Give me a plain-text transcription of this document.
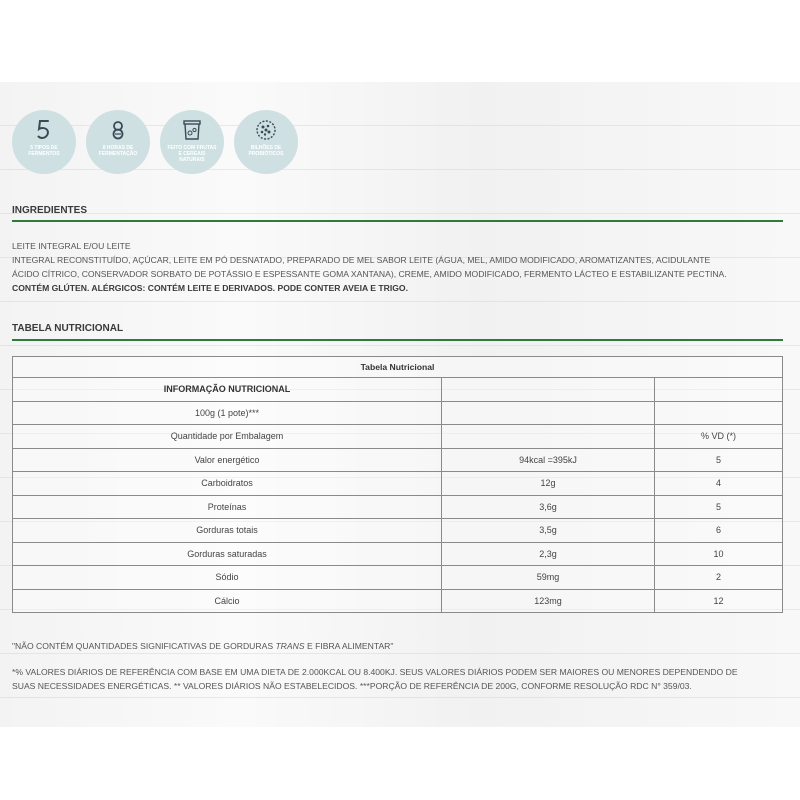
5 TIPOS DE FERMENTOS
8 HORAS DE FERMENTAÇÃO
FEITO COM FRUTAS E CEREAIS NATURAIS
BILHÕES DE PROBIÓTICOS
INGREDIENTES
LEITE INTEGRAL E/OU LEITE
INTEGRAL RECONSTITUÍDO, AÇÚCAR, LEITE EM PÓ DESNATADO, PREPARADO DE MEL SABOR LEITE (ÁGUA, MEL, AMIDO MODIFICADO, AROMATIZANTES, ACIDULANTE
ÁCIDO CÍTRICO, CONSERVADOR SORBATO DE POTÁSSIO E ESPESSANTE GOMA XANTANA), CREME, AMIDO MODIFICADO, FERMENTO LÁCTEO E ESTABILIZANTE PECTINA.
CONTÉM GLÚTEN. ALÉRGICOS: CONTÉM LEITE E DERIVADOS. PODE CONTER AVEIA E TRIGO.
TABELA NUTRICIONAL
Tabela Nutricional		
INFORMAÇÃO NUTRICIONAL		
100g (1 pote)***		
Quantidade por Embalagem		% VD (*)
Valor energético	94kcal =395kJ	5
Carboidratos	12g	4
Proteínas	3,6g	5
Gorduras totais	3,5g	6
Gorduras saturadas	2,3g	10
Sódio	59mg	2
Cálcio	123mg	12
"NÃO CONTÉM QUANTIDADES SIGNIFICATIVAS DE GORDURAS TRANS E FIBRA ALIMENTAR"
*% VALORES DIÁRIOS DE REFERÊNCIA COM BASE EM UMA DIETA DE 2.000KCAL OU 8.400KJ. SEUS VALORES DIÁRIOS PODEM SER MAIORES OU MENORES DEPENDENDO DE
SUAS NECESSIDADES ENERGÉTICAS. ** VALORES DIÁRIOS NÃO ESTABELECIDOS. ***PORÇÃO DE REFERÊNCIA DE 200G, CONFORME RESOLUÇÃO RDC N° 359/03.
